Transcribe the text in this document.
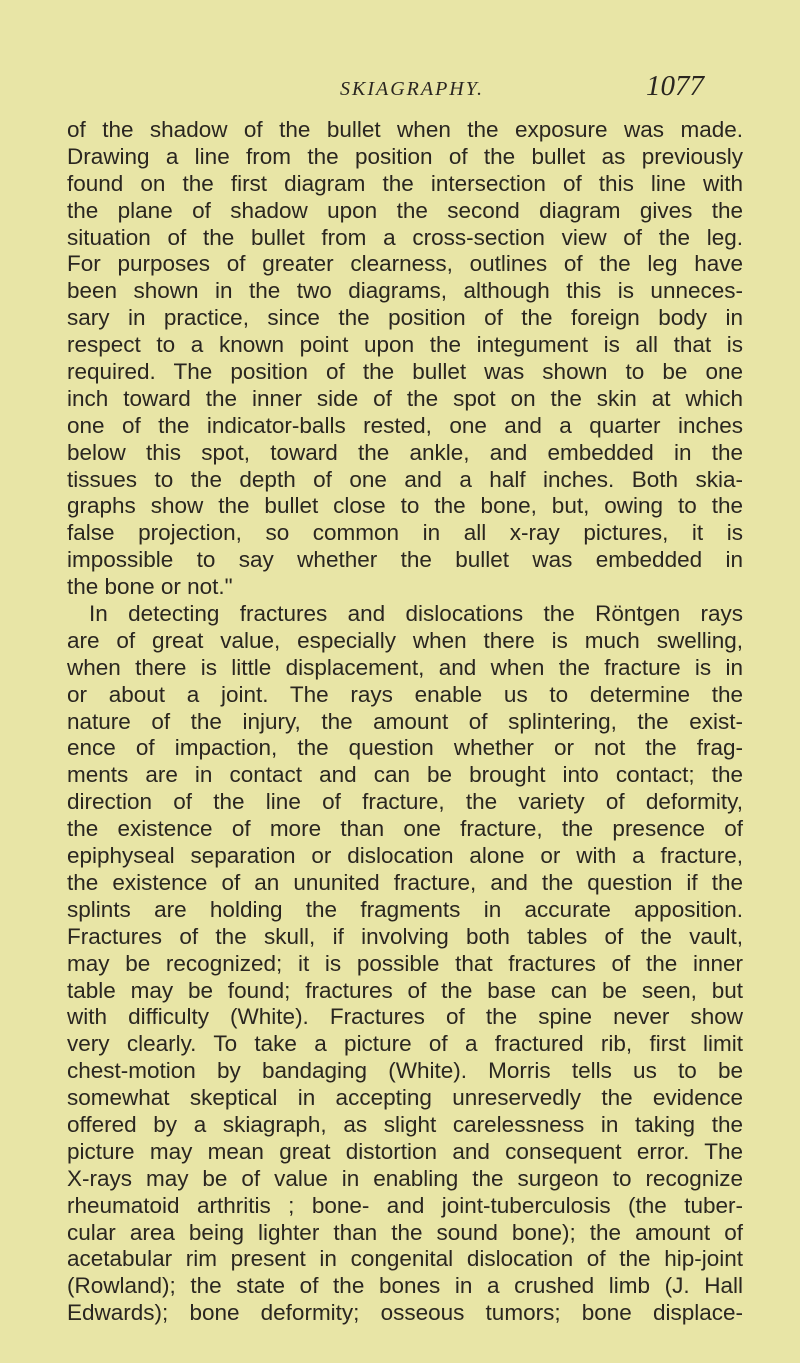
SKIAGRAPHY.	1077
of the shadow of the bullet when the exposure was made.
Drawing a line from the position of the bullet as previously
found on the first diagram the intersection of this line with
the plane of shadow upon the second diagram gives the
situation of the bullet from a cross-section view of the leg.
For purposes of greater clearness, outlines of the leg have
been shown in the two diagrams, although this is unneces-
sary in practice, since the position of the foreign body in
respect to a known point upon the integument is all that is
required. The position of the bullet was shown to be one
inch toward the inner side of the spot on the skin at which
one of the indicator-balls rested, one and a quarter inches
below this spot, toward the ankle, and embedded in the
tissues to the depth of one and a half inches. Both skia-
graphs show the bullet close to the bone, but, owing to the
false projection, so common in all x-ray pictures, it is
impossible to say whether the bullet was embedded in
the bone or not."
In detecting fractures and dislocations the Röntgen rays
are of great value, especially when there is much swelling,
when there is little displacement, and when the fracture is in
or about a joint. The rays enable us to determine the
nature of the injury, the amount of splintering, the exist-
ence of impaction, the question whether or not the frag-
ments are in contact and can be brought into contact; the
direction of the line of fracture, the variety of deformity,
the existence of more than one fracture, the presence of
epiphyseal separation or dislocation alone or with a fracture,
the existence of an ununited fracture, and the question if the
splints are holding the fragments in accurate apposition.
Fractures of the skull, if involving both tables of the vault,
may be recognized; it is possible that fractures of the inner
table may be found; fractures of the base can be seen, but
with difficulty (White). Fractures of the spine never show
very clearly. To take a picture of a fractured rib, first limit
chest-motion by bandaging (White). Morris tells us to be
somewhat skeptical in accepting unreservedly the evidence
offered by a skiagraph, as slight carelessness in taking the
picture may mean great distortion and consequent error. The
X-rays may be of value in enabling the surgeon to recognize
rheumatoid arthritis ; bone- and joint-tuberculosis (the tuber-
cular area being lighter than the sound bone); the amount of
acetabular rim present in congenital dislocation of the hip-joint
(Rowland); the state of the bones in a crushed limb (J. Hall
Edwards); bone deformity; osseous tumors; bone displace-
